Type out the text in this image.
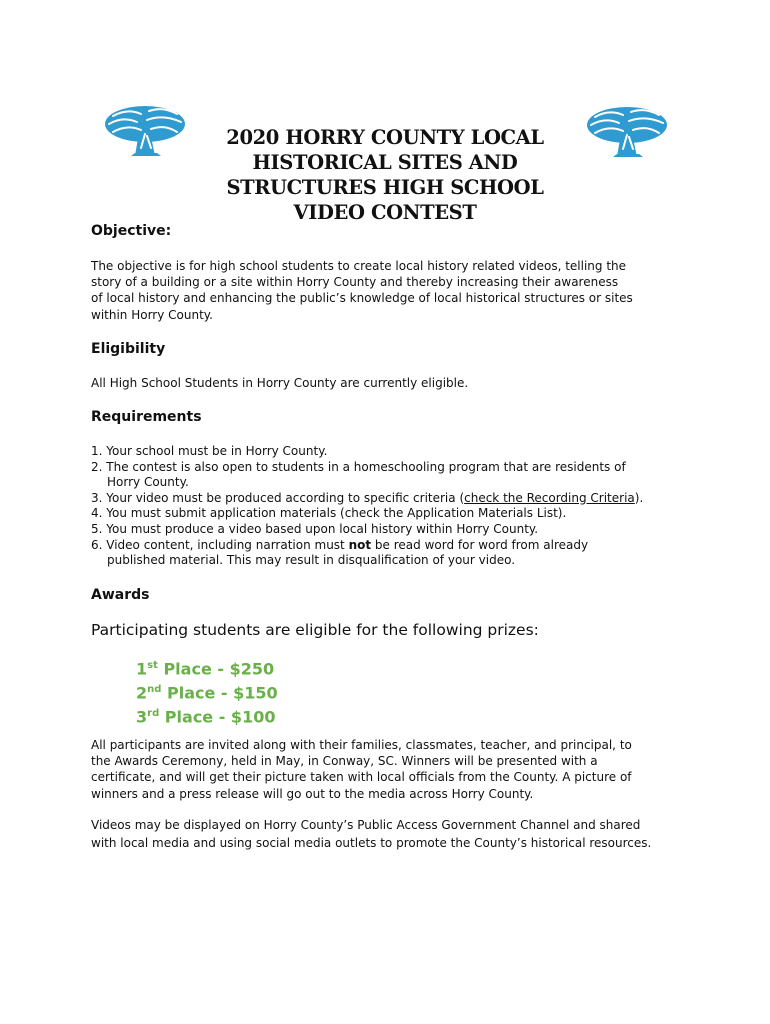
2020 HORRY COUNTY LOCAL
HISTORICAL SITES AND
STRUCTURES HIGH SCHOOL
VIDEO CONTEST
Objective:

The objective is for high school students to create local history related videos, telling the
story of a building or a site within Horry County and thereby increasing their awareness
of local history and enhancing the public’s knowledge of local historical structures or sites
within Horry County.

Eligibility

All High School Students in Horry County are currently eligible.

Requirements
1. Your school must be in Horry County.
2. The contest is also open to students in a homeschooling program that are residents of
Horry County.
3. Your video must be produced according to specific criteria (check the Recording Criteria).
4. You must submit application materials (check the Application Materials List).
5. You must produce a video based upon local history within Horry County.
6. Video content, including narration must not be read word for word from already
published material. This may result in disqualification of your video.
Awards

Participating students are eligible for the following prizes:

1st Place - $250
2nd Place - $150
3rd Place - $100

All participants are invited along with their families, classmates, teacher, and principal, to
the Awards Ceremony, held in May, in Conway, SC. Winners will be presented with a
certificate, and will get their picture taken with local officials from the County. A picture of
winners and a press release will go out to the media across Horry County.

Videos may be displayed on Horry County’s Public Access Government Channel and shared
with local media and using social media outlets to promote the County’s historical resources.
